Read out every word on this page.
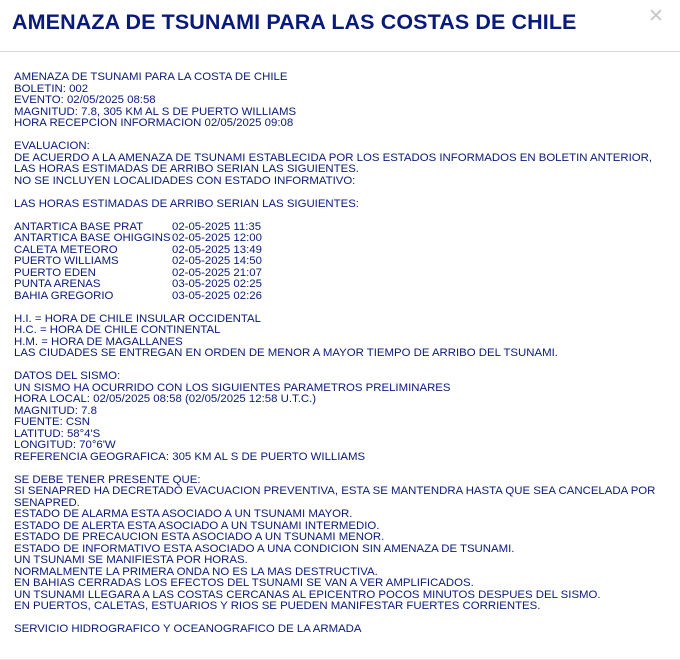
AMENAZA DE TSUNAMI PARA LAS COSTAS DE CHILE	✕
AMENAZA DE TSUNAMI PARA LA COSTA DE CHILE
BOLETIN: 002
EVENTO: 02/05/2025 08:58
MAGNITUD: 7.8, 305 KM AL S DE PUERTO WILLIAMS
HORA RECEPCION INFORMACION 02/05/2025 09:08
EVALUACION:
DE ACUERDO A LA AMENAZA DE TSUNAMI ESTABLECIDA POR LOS ESTADOS INFORMADOS EN BOLETIN ANTERIOR,
LAS HORAS ESTIMADAS DE ARRIBO SERIAN LAS SIGUIENTES.
NO SE INCLUYEN LOCALIDADES CON ESTADO INFORMATIVO:
LAS HORAS ESTIMADAS DE ARRIBO SERIAN LAS SIGUIENTES:
ANTARTICA BASE PRAT	02-05-2025 11:35
ANTARTICA BASE OHIGGINS 02-05-2025 12:00
CALETA METEORO	02-05-2025 13:49
PUERTO WILLIAMS	02-05-2025 14:50
PUERTO EDEN	02-05-2025 21:07
PUNTA ARENAS	03-05-2025 02:25
BAHIA GREGORIO	03-05-2025 02:26
H.I. = HORA DE CHILE INSULAR OCCIDENTAL
H.C. = HORA DE CHILE CONTINENTAL
H.M. = HORA DE MAGALLANES
LAS CIUDADES SE ENTREGAN EN ORDEN DE MENOR A MAYOR TIEMPO DE ARRIBO DEL TSUNAMI.
DATOS DEL SISMO:
UN SISMO HA OCURRIDO CON LOS SIGUIENTES PARAMETROS PRELIMINARES
HORA LOCAL: 02/05/2025 08:58 (02/05/2025 12:58 U.T.C.)
MAGNITUD: 7.8
FUENTE: CSN
LATITUD: 58°4'S
LONGITUD: 70°6'W
REFERENCIA GEOGRAFICA: 305 KM AL S DE PUERTO WILLIAMS
SE DEBE TENER PRESENTE QUE:
SI SENAPRED HA DECRETADO EVACUACION PREVENTIVA, ESTA SE MANTENDRA HASTA QUE SEA CANCELADA POR SENAPRED.
ESTADO DE ALARMA ESTA ASOCIADO A UN TSUNAMI MAYOR.
ESTADO DE ALERTA ESTA ASOCIADO A UN TSUNAMI INTERMEDIO.
ESTADO DE PRECAUCION ESTA ASOCIADO A UN TSUNAMI MENOR.
ESTADO DE INFORMATIVO ESTA ASOCIADO A UNA CONDICION SIN AMENAZA DE TSUNAMI.
UN TSUNAMI SE MANIFIESTA POR HORAS.
NORMALMENTE LA PRIMERA ONDA NO ES LA MAS DESTRUCTIVA.
EN BAHIAS CERRADAS LOS EFECTOS DEL TSUNAMI SE VAN A VER AMPLIFICADOS.
UN TSUNAMI LLEGARA A LAS COSTAS CERCANAS AL EPICENTRO POCOS MINUTOS DESPUES DEL SISMO.
EN PUERTOS, CALETAS, ESTUARIOS Y RIOS SE PUEDEN MANIFESTAR FUERTES CORRIENTES.
SERVICIO HIDROGRAFICO Y OCEANOGRAFICO DE LA ARMADA
